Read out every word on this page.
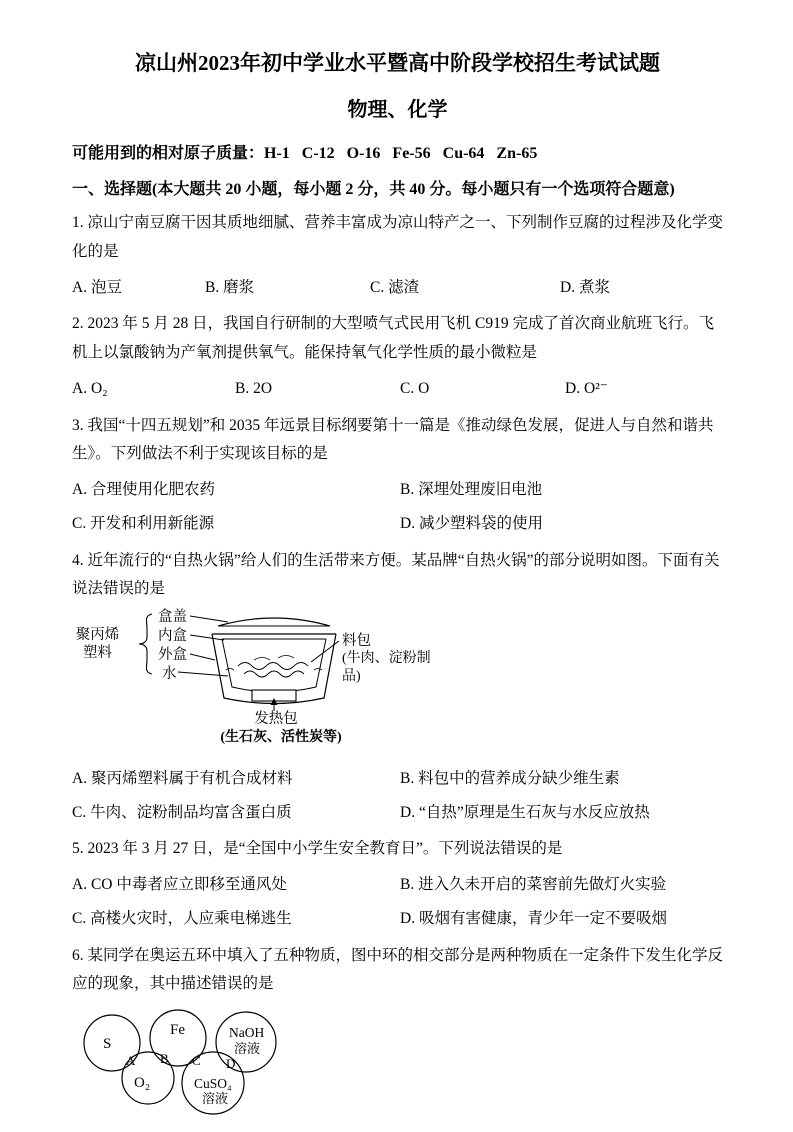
凉山州2023年初中学业水平暨高中阶段学校招生考试试题
物理、化学

可能用到的相对原子质量：H-1   C-12   O-16   Fe-56   Cu-64   Zn-65

一、选择题(本大题共 20 小题，每小题 2 分，共 40 分。每小题只有一个选项符合题意)

1. 凉山宁南豆腐干因其质地细腻、营养丰富成为凉山特产之一、下列制作豆腐的过程涉及化学变化的是

A. 泡豆	B. 磨浆	C. 滤渣	D. 煮浆

2. 2023 年 5 月 28 日，我国自行研制的大型喷气式民用飞机 C919 完成了首次商业航班飞行。飞机上以氯酸钠为产氧剂提供氧气。能保持氧气化学性质的最小微粒是

A. O₂	B. 2O	C. O	D. O²⁻

3. 我国“十四五规划”和 2035 年远景目标纲要第十一篇是《推动绿色发展，促进人与自然和谐共生》。下列做法不利于实现该目标的是

A. 合理使用化肥农药	B. 深埋处理废旧电池
C. 开发和利用新能源	D. 减少塑料袋的使用

4. 近年流行的“自热火锅”给人们的生活带来方便。某品牌“自热火锅”的部分说明如图。下面有关说法错误的是

聚丙烯塑料
盒盖
内盒
外盒
水
料包
(牛肉、淀粉制品)
发热包
(生石灰、活性炭等)
A. 聚丙烯塑料属于有机合成材料	B. 料包中的营养成分缺少维生素
C. 牛肉、淀粉制品均富含蛋白质	D. “自热”原理是生石灰与水反应放热

5. 2023 年 3 月 27 日，是“全国中小学生安全教育日”。下列说法错误的是

A. CO 中毒者应立即移至通风处	B. 进入久未开启的菜窖前先做灯火实验
C. 高楼火灾时，人应乘电梯逃生	D. 吸烟有害健康，青少年一定不要吸烟

6. 某同学在奥运五环中填入了五种物质，图中环的相交部分是两种物质在一定条件下发生化学反应的现象，其中描述错误的是

S
Fe	NaOH
溶液
O₂	CuSO₄
溶液
A B C D
